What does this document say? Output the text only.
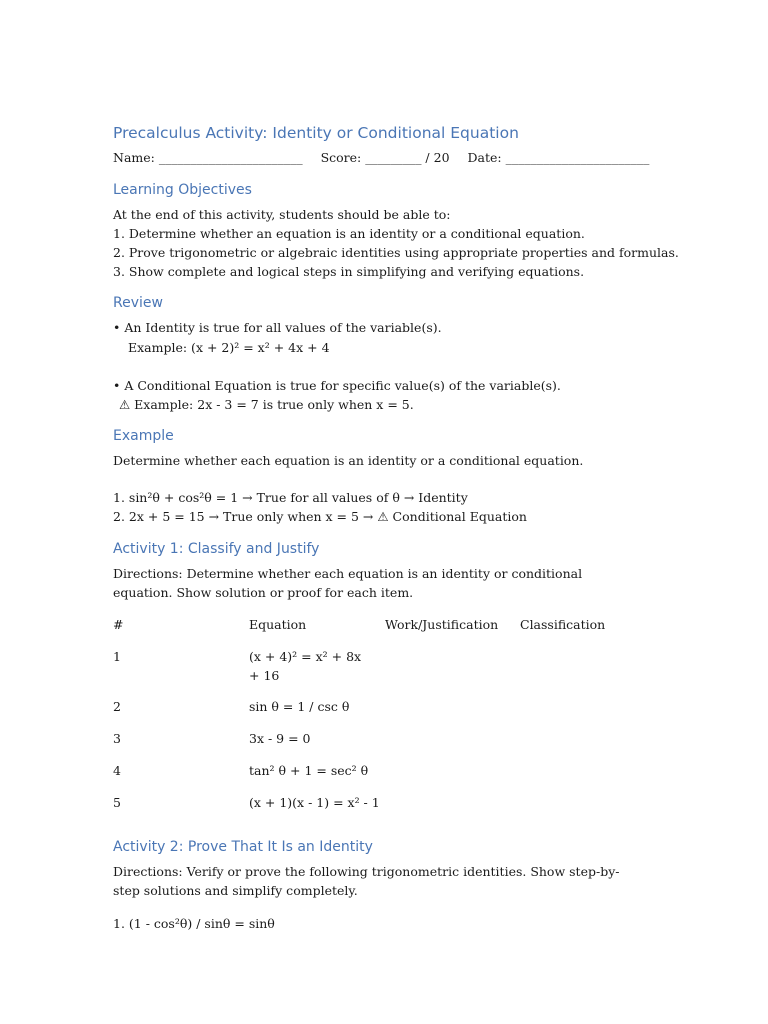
Precalculus Activity: Identity or Conditional Equation
Name: _______________________ Score: _________ / 20 Date: _______________________
Learning Objectives
At the end of this activity, students should be able to:
1. Determine whether an equation is an identity or a conditional equation.
2. Prove trigonometric or algebraic identities using appropriate properties and formulas.
3. Show complete and logical steps in simplifying and verifying equations.
Review
• An Identity is true for all values of the variable(s).
Example: (x + 2)² = x² + 4x + 4
• A Conditional Equation is true for specific value(s) of the variable(s).
⚠ Example: 2x - 3 = 7 is true only when x = 5.
Example
Determine whether each equation is an identity or a conditional equation.
1. sin²θ + cos²θ = 1 → True for all values of θ → Identity
2. 2x + 5 = 15 → True only when x = 5 → ⚠ Conditional Equation
Activity 1: Classify and Justify
Directions: Determine whether each equation is an identity or conditional equation. Show solution or proof for each item.
#	Equation	Work/Justification Classification
1	(x + 4)² = x² + 8x + 16
2	sin θ = 1 / csc θ
3	3x - 9 = 0
4	tan² θ + 1 = sec² θ
5	(x + 1)(x - 1) = x² - 1
Activity 2: Prove That It Is an Identity
Directions: Verify or prove the following trigonometric identities. Show step-by-step solutions and simplify completely.
1. (1 - cos²θ) / sinθ = sinθ
